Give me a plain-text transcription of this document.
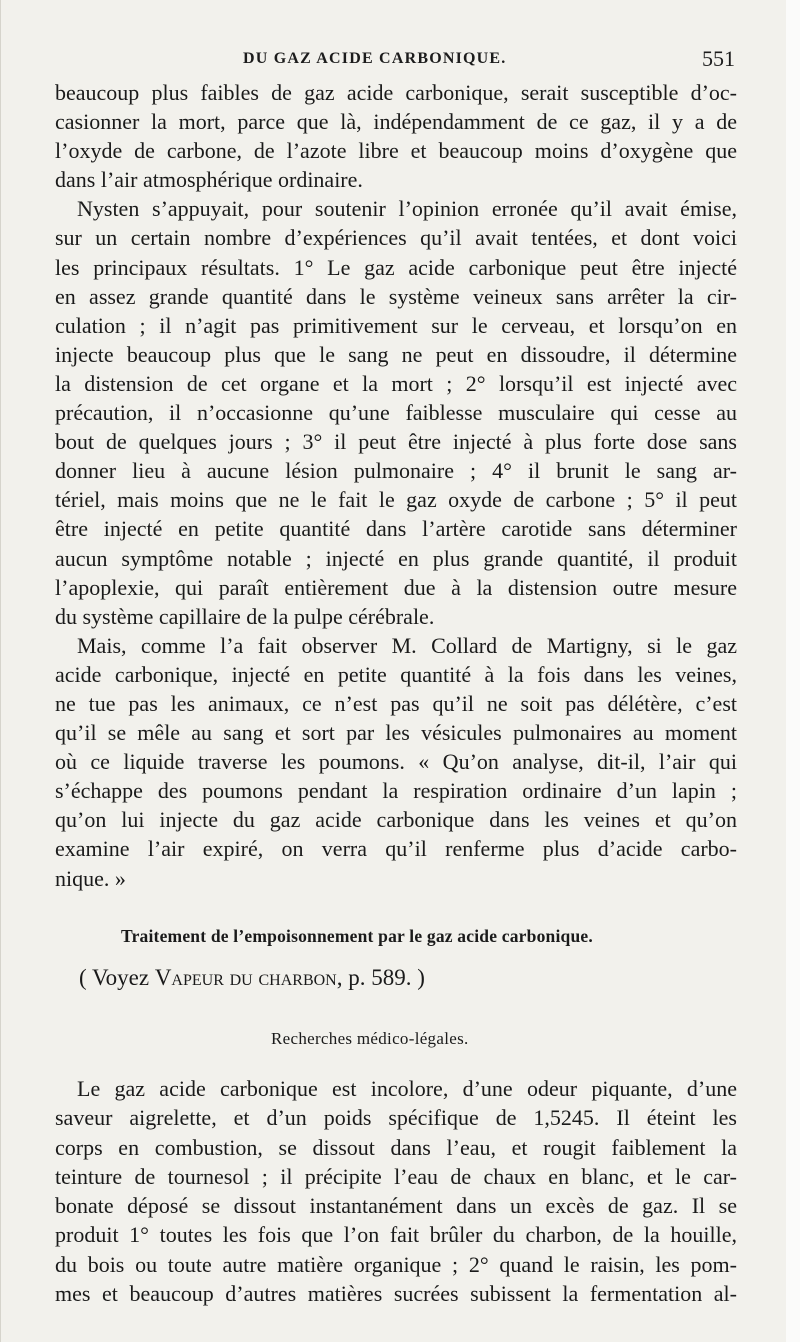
DU GAZ ACIDE CARBONIQUE.	551
beaucoup plus faibles de gaz acide carbonique, serait susceptible d’oc-
casionner la mort, parce que là, indépendamment de ce gaz, il y a de
l’oxyde de carbone, de l’azote libre et beaucoup moins d’oxygène que
dans l’air atmosphérique ordinaire.
Nysten s’appuyait, pour soutenir l’opinion erronée qu’il avait émise,
sur un certain nombre d’expériences qu’il avait tentées, et dont voici
les principaux résultats. 1° Le gaz acide carbonique peut être injecté
en assez grande quantité dans le système veineux sans arrêter la cir-
culation ; il n’agit pas primitivement sur le cerveau, et lorsqu’on en
injecte beaucoup plus que le sang ne peut en dissoudre, il détermine
la distension de cet organe et la mort ; 2° lorsqu’il est injecté avec
précaution, il n’occasionne qu’une faiblesse musculaire qui cesse au
bout de quelques jours ; 3° il peut être injecté à plus forte dose sans
donner lieu à aucune lésion pulmonaire ; 4° il brunit le sang ar-
tériel, mais moins que ne le fait le gaz oxyde de carbone ; 5° il peut
être injecté en petite quantité dans l’artère carotide sans déterminer
aucun symptôme notable ; injecté en plus grande quantité, il produit
l’apoplexie, qui paraît entièrement due à la distension outre mesure
du système capillaire de la pulpe cérébrale.
Mais, comme l’a fait observer M. Collard de Martigny, si le gaz
acide carbonique, injecté en petite quantité à la fois dans les veines,
ne tue pas les animaux, ce n’est pas qu’il ne soit pas délétère, c’est
qu’il se mêle au sang et sort par les vésicules pulmonaires au moment
où ce liquide traverse les poumons. « Qu’on analyse, dit-il, l’air qui
s’échappe des poumons pendant la respiration ordinaire d’un lapin ;
qu’on lui injecte du gaz acide carbonique dans les veines et qu’on
examine l’air expiré, on verra qu’il renferme plus d’acide carbo-
nique. »
Traitement de l’empoisonnement par le gaz acide carbonique.
( Voyez Vapeur du charbon, p. 589. )
Recherches médico-légales.
Le gaz acide carbonique est incolore, d’une odeur piquante, d’une
saveur aigrelette, et d’un poids spécifique de 1,5245. Il éteint les
corps en combustion, se dissout dans l’eau, et rougit faiblement la
teinture de tournesol ; il précipite l’eau de chaux en blanc, et le car-
bonate déposé se dissout instantanément dans un excès de gaz. Il se
produit 1° toutes les fois que l’on fait brûler du charbon, de la houille,
du bois ou toute autre matière organique ; 2° quand le raisin, les pom-
mes et beaucoup d’autres matières sucrées subissent la fermentation al-
